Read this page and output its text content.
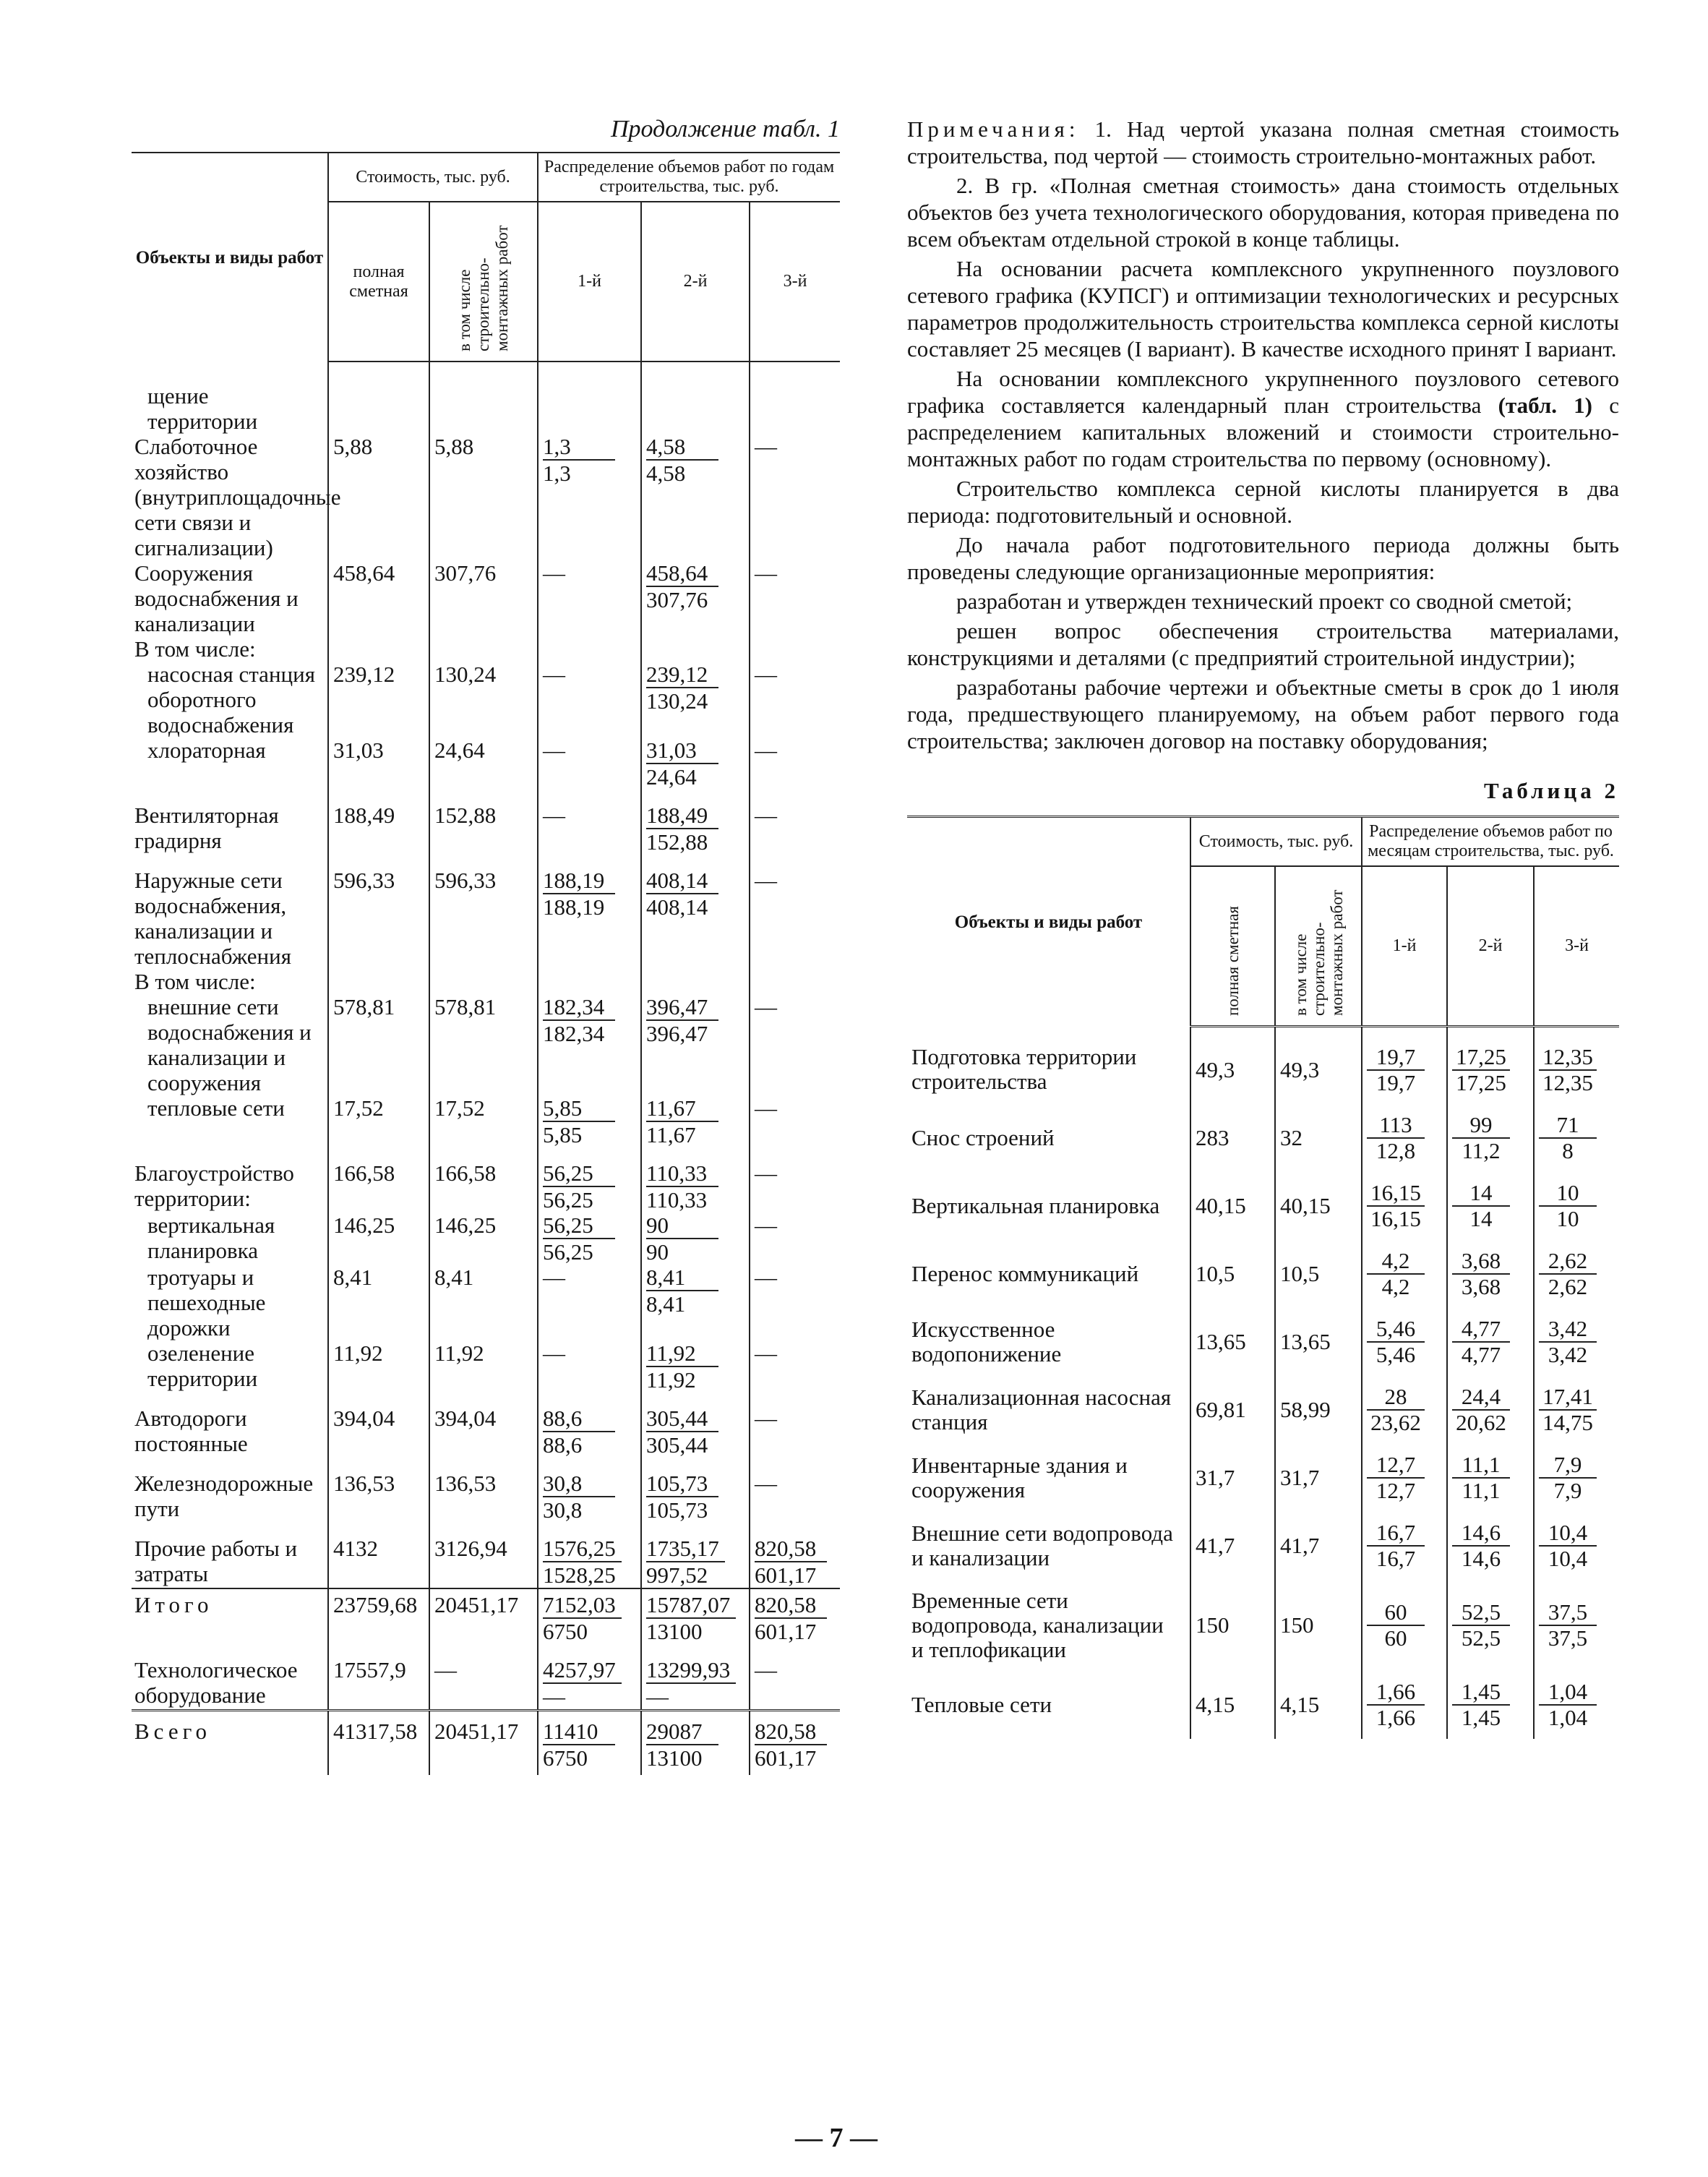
Продолжение табл. 1
Объекты и виды работ	Стоимость, тыс. руб.		Распределение объемов работ по годам строительства, тыс. руб.		
	полная сметная	в том числе строительно-монтажных работ	1-й	2-й	3-й

щение территории					

Слаботочное хозяйство (внутриплощадочные сети связи и сигнализации)	5,88	5,88	$\frac{1,3}{1,3}$	$\frac{4,58}{4,58}$	—
Сооружения водоснабжения и канализации	458,64	307,76	—	$\frac{458,64}{307,76}$	—
В том числе:					

насосная станция оборотного водоснабжения	239,12	130,24	—	$\frac{239,12}{130,24}$	—

хлораторная	31,03	24,64	—	$\frac{31,03}{24,64}$	—
Вентиляторная градирня	188,49	152,88	—	$\frac{188,49}{152,88}$	—
Наружные сети водоснабжения, канализации и теплоснабжения	596,33	596,33	$\frac{188,19}{188,19}$	$\frac{408,14}{408,14}$	—
В том числе:					

внешние сети водоснабжения и канализации и сооружения	578,81	578,81	$\frac{182,34}{182,34}$	$\frac{396,47}{396,47}$	—

тепловые сети	17,52	17,52	$\frac{5,85}{5,85}$	$\frac{11,67}{11,67}$	—
Благоустройство территории:	166,58	166,58	$\frac{56,25}{56,25}$	$\frac{110,33}{110,33}$	—

вертикальная планировка	146,25	146,25	$\frac{56,25}{56,25}$	$\frac{90}{90}$	—

тротуары и пешеходные дорожки	8,41	8,41	—	$\frac{8,41}{8,41}$	—

озеленение территории	11,92	11,92	—	$\frac{11,92}{11,92}$	—
Автодороги постоянные	394,04	394,04	$\frac{88,6}{88,6}$	$\frac{305,44}{305,44}$	—
Железнодорожные пути	136,53	136,53	$\frac{30,8}{30,8}$	$\frac{105,73}{105,73}$	—
Прочие работы и затраты	4132	3126,94	$\frac{1576,25}{1528,25}$	$\frac{1735,17}{997,52}$	$\frac{820,58}{601,17}$

Итого	23759,68	20451,17	$\frac{7152,03}{6750}$	$\frac{15787,07}{13100}$	$\frac{820,58}{601,17}$

Технологическое оборудование	17557,9	—	$\frac{4257,97}{—}$	$\frac{13299,93}{—}$	—
Всего	41317,58	20451,17	$\frac{11410}{6750}$	$\frac{29087}{13100}$	$\frac{820,58}{601,17}$

Примечания: 1. Над чертой указана полная сметная стоимость строительства, под чертой — стоимость строительно-монтажных работ.

2. В гр. «Полная сметная стоимость» дана стоимость отдельных объектов без учета технологического оборудования, которая приведена по всем объектам отдельной строкой в конце таблицы.

На основании расчета комплексного укрупненного поузлового сетевого графика (КУПСГ) и оптимизации технологических и ресурсных параметров продолжительность строительства комплекса серной кислоты составляет 25 месяцев (I вариант). В качестве исходного принят I вариант.

На основании комплексного укрупненного поузлового сетевого графика составляется календарный план строительства (табл. 1) с распределением капитальных вложений и стоимости строительно-монтажных работ по годам строительства по первому (основному).

Строительство комплекса серной кислоты планируется в два периода: подготовительный и основной.

До начала работ подготовительного периода должны быть проведены следующие организационные мероприятия:

разработан и утвержден технический проект со сводной сметой;

решен вопрос обеспечения строительства материалами, конструкциями и деталями (с предприятий строительной индустрии);

разработаны рабочие чертежи и объектные сметы в срок до 1 июля года, предшествующего планируемому, на объем работ первого года строительства; заключен договор на поставку оборудования;

Таблица 2
Объекты и виды работ	Стоимость, тыс. руб.		Распределение объемов работ по месяцам строительства, тыс. руб.		
	полная сметная	в том числе строительно-монтажных работ	1-й	2-й	3-й
Подготовка территории строительства	49,3	49,3	$\frac{19,7}{19,7}$	$\frac{17,25}{17,25}$	$\frac{12,35}{12,35}$

Снос строений	283	32	$\frac{113}{12,8}$	$\frac{99}{11,2}$	$\frac{71}{8}$

Вертикальная планировка	40,15	40,15	$\frac{16,15}{16,15}$	$\frac{14}{14}$	$\frac{10}{10}$

Перенос коммуникаций	10,5	10,5	$\frac{4,2}{4,2}$	$\frac{3,68}{3,68}$	$\frac{2,62}{2,62}$

Искусственное водопонижение	13,65	13,65	$\frac{5,46}{5,46}$	$\frac{4,77}{4,77}$	$\frac{3,42}{3,42}$

Канализационная насосная станция	69,81	58,99	$\frac{28}{23,62}$	$\frac{24,4}{20,62}$	$\frac{17,41}{14,75}$

Инвентарные здания и сооружения	31,7	31,7	$\frac{12,7}{12,7}$	$\frac{11,1}{11,1}$	$\frac{7,9}{7,9}$

Внешние сети водопровода и канализации	41,7	41,7	$\frac{16,7}{16,7}$	$\frac{14,6}{14,6}$	$\frac{10,4}{10,4}$

Временные сети водопровода, канализации и теплофикации	150	150	$\frac{60}{60}$	$\frac{52,5}{52,5}$	$\frac{37,5}{37,5}$

Тепловые сети	4,15	4,15	$\frac{1,66}{1,66}$	$\frac{1,45}{1,45}$	$\frac{1,04}{1,04}$
— 7 —
